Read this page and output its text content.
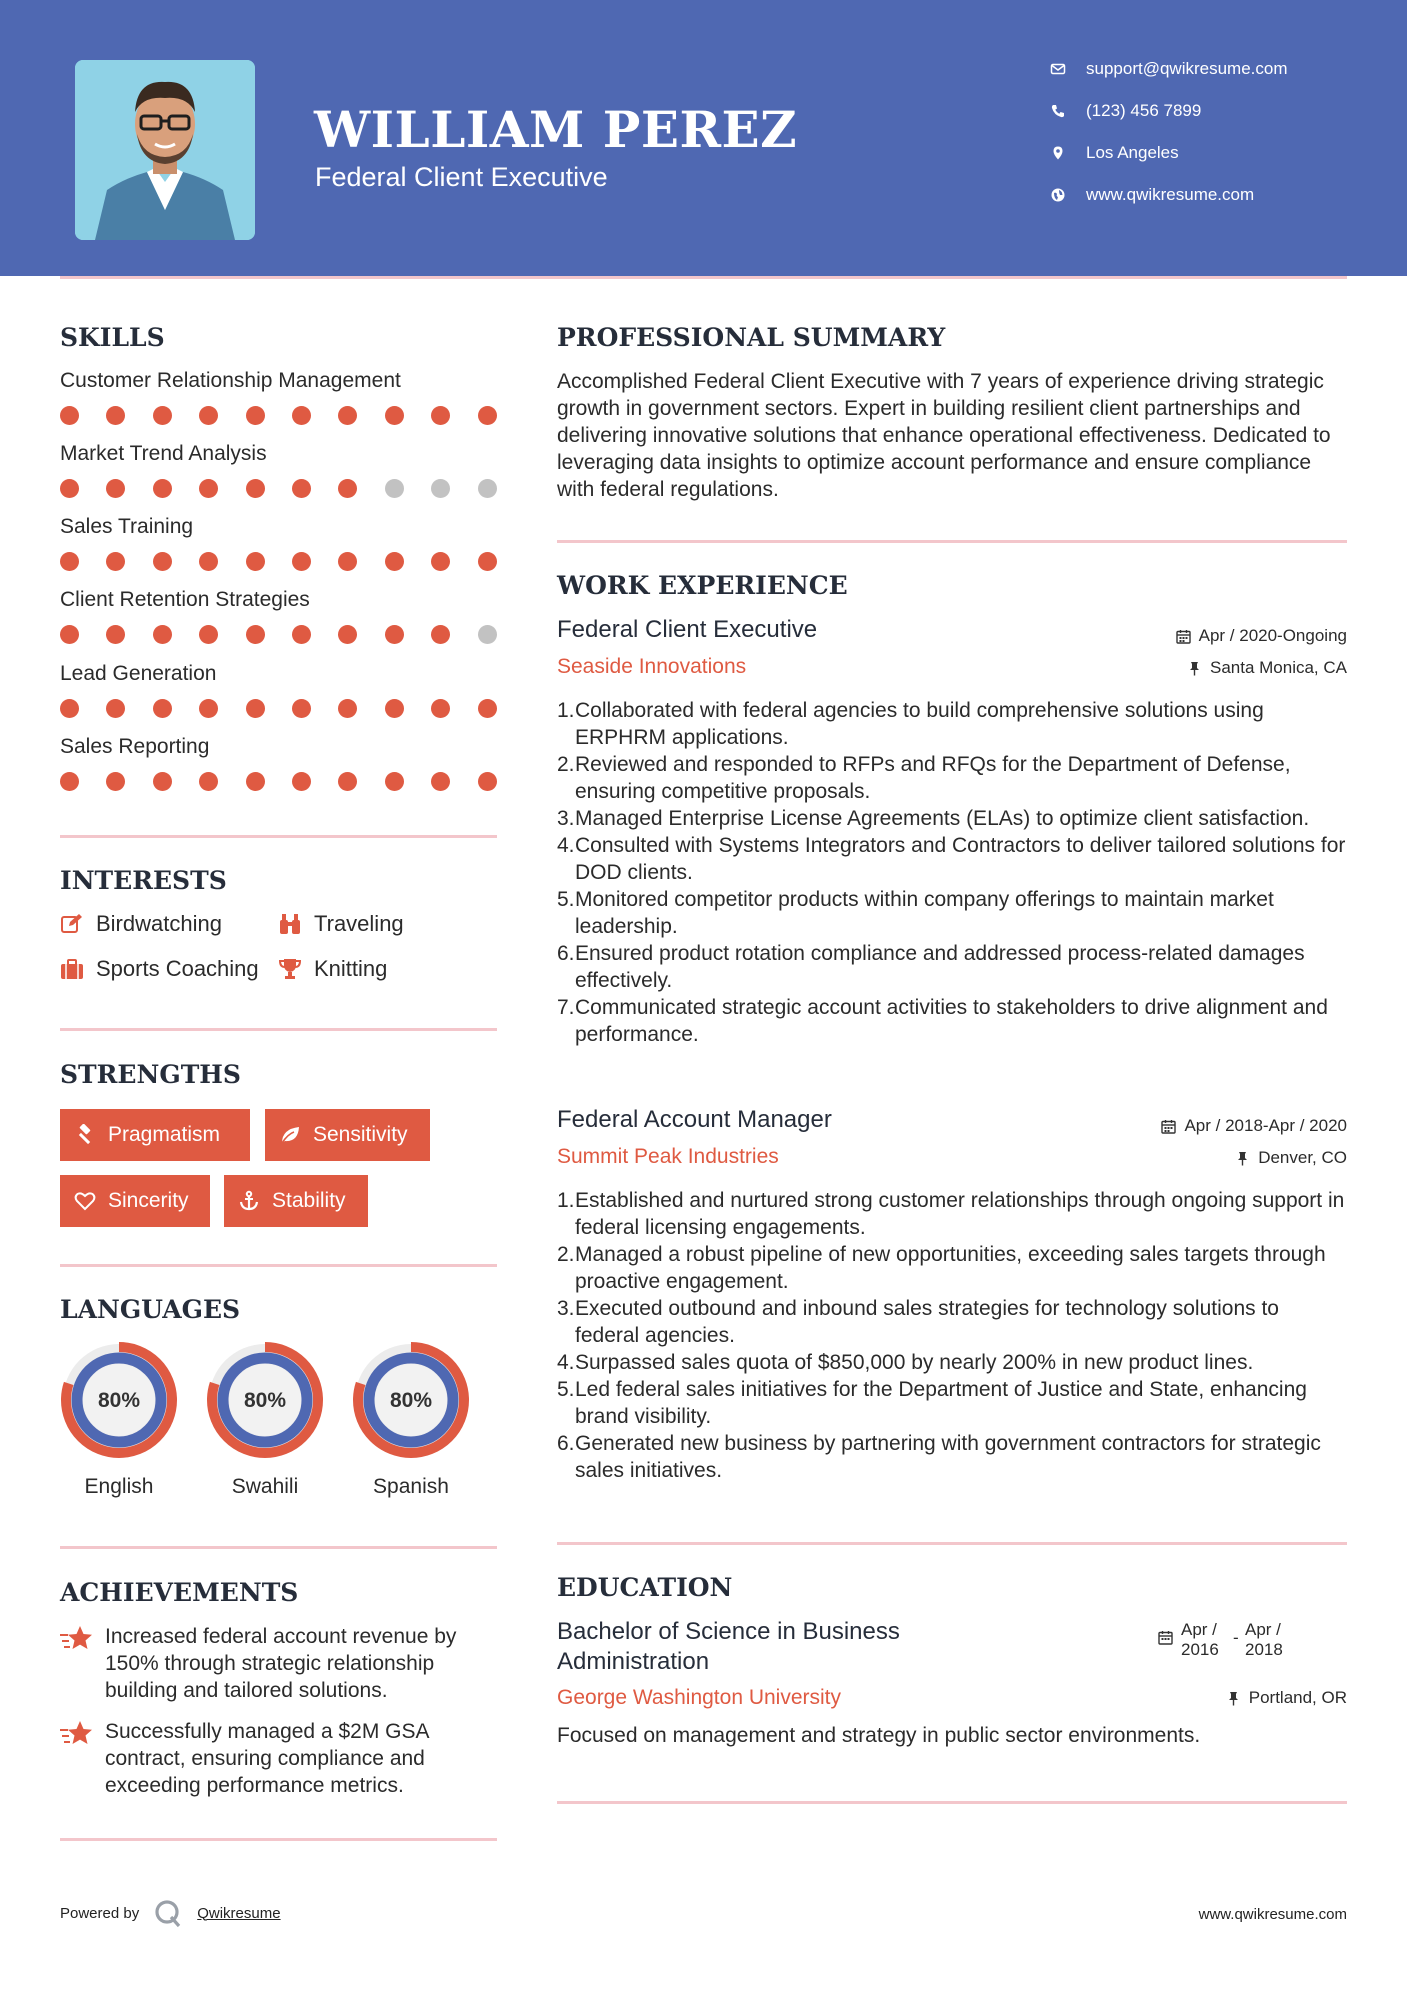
WILLIAM PEREZ
Federal Client Executive
support@qwikresume.com
(123) 456 7899
Los Angeles
www.qwikresume.com
SKILLS
Customer Relationship Management
Market Trend Analysis
Sales Training
Client Retention Strategies
Lead Generation
Sales Reporting
INTERESTS
Birdwatching	Traveling
Sports Coaching	Knitting
STRENGTHS
Pragmatism	Sensitivity
Sincerity	Stability
LANGUAGES
80%	80%	80%
English	Swahili	Spanish
ACHIEVEMENTS
Increased federal account revenue by 150% through strategic relationship building and tailored solutions.
Successfully managed a $2M GSA contract, ensuring compliance and exceeding performance metrics.
PROFESSIONAL SUMMARY
Accomplished Federal Client Executive with 7 years of experience driving strategic growth in government sectors. Expert in building resilient client partnerships and delivering innovative solutions that enhance operational effectiveness. Dedicated to leveraging data insights to optimize account performance and ensure compliance with federal regulations.
WORK EXPERIENCE
Federal Client Executive	Apr / 2020-Ongoing
Seaside Innovations	Santa Monica, CA
1. Collaborated with federal agencies to build comprehensive solutions using ERPHRM applications.
2. Reviewed and responded to RFPs and RFQs for the Department of Defense, ensuring competitive proposals.
3. Managed Enterprise License Agreements (ELAs) to optimize client satisfaction.
4. Consulted with Systems Integrators and Contractors to deliver tailored solutions for DOD clients.
5. Monitored competitor products within company offerings to maintain market leadership.
6. Ensured product rotation compliance and addressed process-related damages effectively.
7. Communicated strategic account activities to stakeholders to drive alignment and performance.
Federal Account Manager	Apr / 2018-Apr / 2020
Summit Peak Industries	Denver, CO
1. Established and nurtured strong customer relationships through ongoing support in federal licensing engagements.
2. Managed a robust pipeline of new opportunities, exceeding sales targets through proactive engagement.
3. Executed outbound and inbound sales strategies for technology solutions to federal agencies.
4. Surpassed sales quota of $850,000 by nearly 200% in new product lines.
5. Led federal sales initiatives for the Department of Justice and State, enhancing brand visibility.
6. Generated new business by partnering with government contractors for strategic sales initiatives.
EDUCATION
Bachelor of Science in Business Administration
Apr / 2016
- Apr / 2018
George Washington University	Portland, OR
Focused on management and strategy in public sector environments.
Powered by	Qwikresume	www.qwikresume.com
